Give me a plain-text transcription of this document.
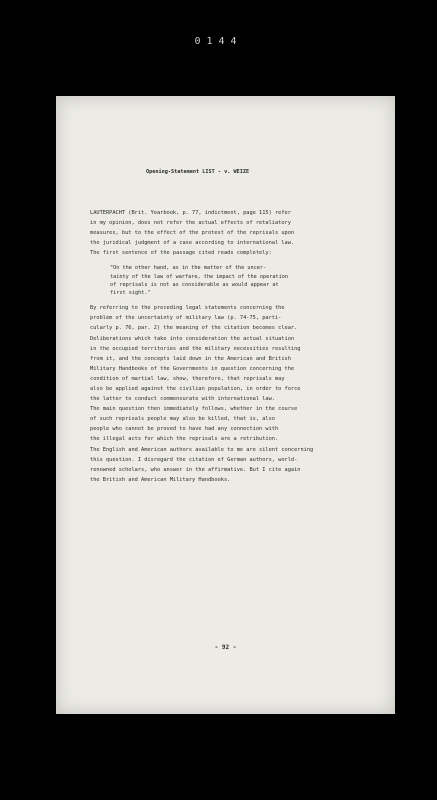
0144
Opening-Statement LIST - v. WEIZE
LAUTERPACHT (Brit. Yearbook, p. 77, indictment, page 115) refer
in my opinion, does not refer the actual effects of retaliatory
measures, but to the effect of the protest of the reprisals upon
the juridical judgment of a case according to international law.
The first sentence of the passage cited reads completely:
"On the other hand, as in the matter of the uncer-
tainty of the law of warfare, the impact of the operation
of reprisals is not as considerable as would appear at
first sight."
By referring to the preceding legal statements concerning the
problem of the uncertainty of military law (p. 74-75, parti-
cularly p. 76, par. 2) the meaning of the citation becomes clear.
Deliberations which take into consideration the actual situation
in the occupied territories and the military necessities resulting
from it, and the concepts laid down in the American and British
Military Handbooks of the Governments in question concerning the
condition of martial law, show, therefore, that reprisals may
also be applied against the civilian population, in order to force
the latter to conduct commensurate with international law.
The main question then immediately follows, whether in the course
of such reprisals people may also be killed, that is, also
people who cannot be proved to have had any connection with
the illegal acts for which the reprisals are a retribution.
The English and American authors available to me are silent concerning
this question. I disregard the citation of German authors, world-
renowned scholars, who answer in the affirmative. But I cite again
the British and American Military Handbooks.
- 92 -
